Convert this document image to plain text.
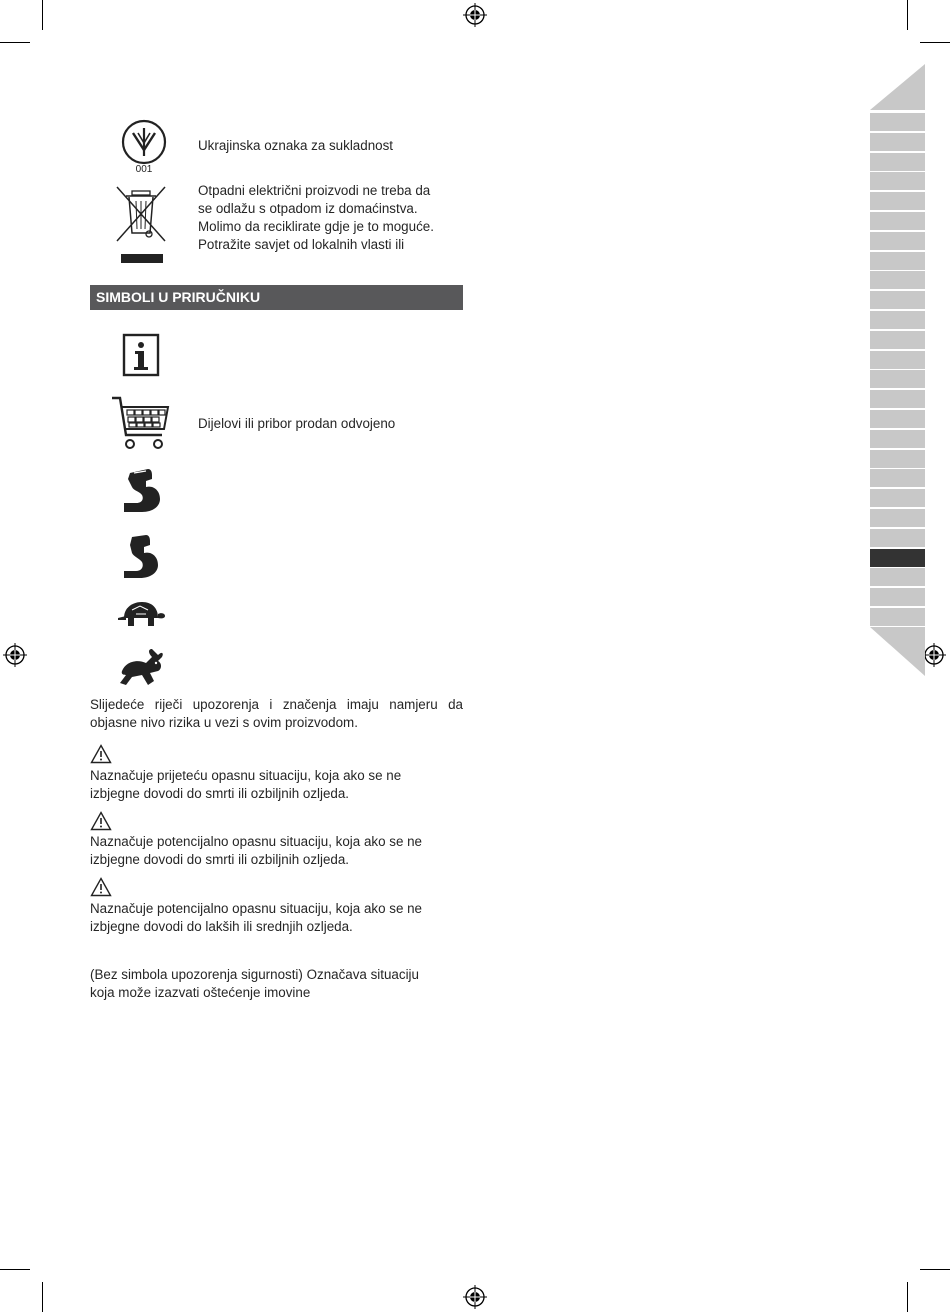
001
Ukrajinska oznaka za sukladnost
Otpadni električni proizvodi ne treba da
se odlažu s otpadom iz domaćinstva.
Molimo da reciklirate gdje je to moguće.
Potražite savjet od lokalnih vlasti ili
SIMBOLI U PRIRUČNIKU
Dijelovi ili pribor prodan odvojeno
Slijedeće riječi upozorenja i značenja imaju namjeru da
objasne nivo rizika u vezi s ovim proizvodom.
Naznačuje prijeteću opasnu situaciju, koja ako se ne
izbjegne dovodi do smrti ili ozbiljnih ozljeda.
Naznačuje potencijalno opasnu situaciju, koja ako se ne
izbjegne dovodi do smrti ili ozbiljnih ozljeda.
Naznačuje potencijalno opasnu situaciju, koja ako se ne
izbjegne dovodi do lakših ili srednjih ozljeda.
(Bez simbola upozorenja sigurnosti) Označava situaciju
koja može izazvati oštećenje imovine
